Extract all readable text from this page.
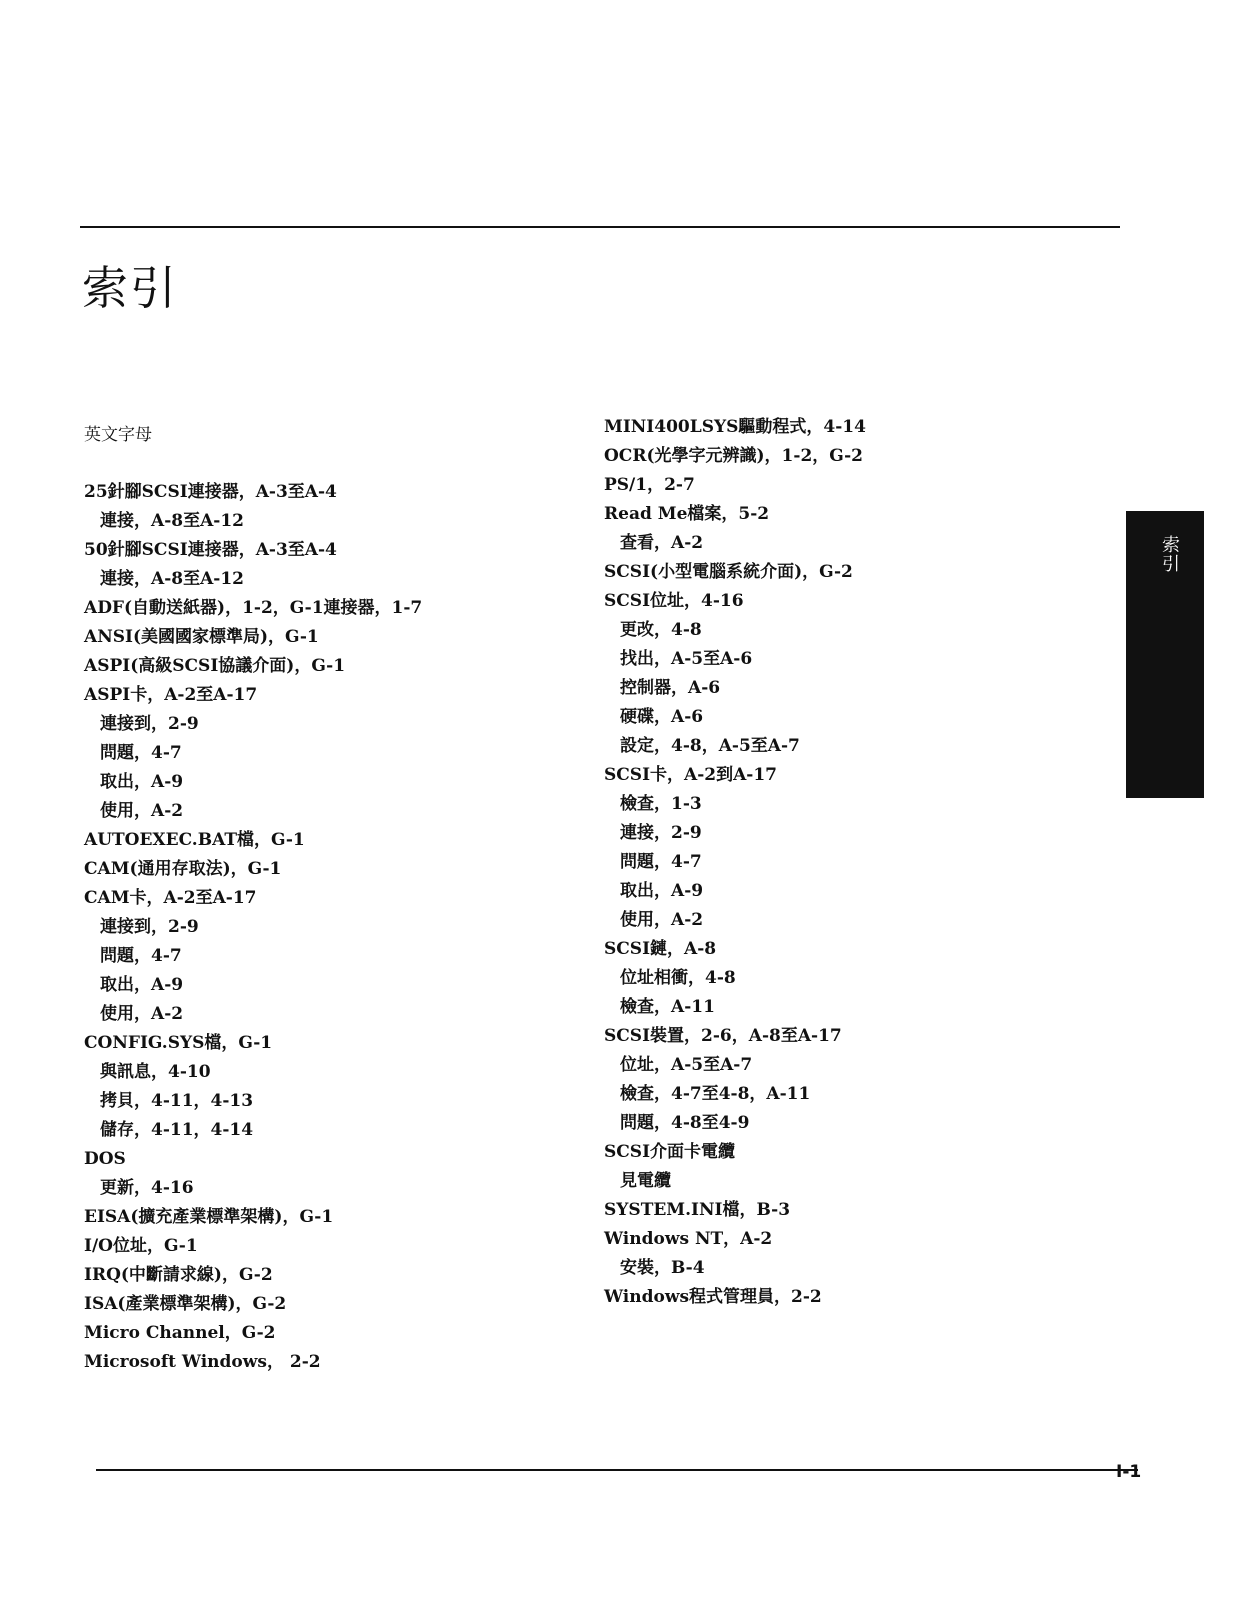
索引
英文字母
25針腳SCSI連接器，A-3至A-4
連接，A-8至A-12
50針腳SCSI連接器，A-3至A-4
連接，A-8至A-12
ADF(自動送紙器)，1-2，G-1連接器，1-7
ANSI(美國國家標準局)，G-1
ASPI(高級SCSI協議介面)，G-1
ASPI卡，A-2至A-17
連接到，2-9
問題，4-7
取出，A-9
使用，A-2
AUTOEXEC.BAT檔，G-1
CAM(通用存取法)，G-1
CAM卡，A-2至A-17
連接到，2-9
問題，4-7
取出，A-9
使用，A-2
CONFIG.SYS檔，G-1
與訊息，4-10
拷貝，4-11，4-13
儲存，4-11，4-14
DOS
更新，4-16
EISA(擴充產業標準架構)，G-1
I/O位址，G-1
IRQ(中斷請求線)，G-2
ISA(產業標準架構)，G-2
Micro Channel，G-2
Microsoft Windows， 2-2
MINI400LSYS驅動程式，4-14
OCR(光學字元辨識)，1-2，G-2
PS/1，2-7
Read Me檔案，5-2
查看，A-2
SCSI(小型電腦系統介面)，G-2
SCSI位址，4-16
更改，4-8
找出，A-5至A-6
控制器，A-6
硬碟，A-6
設定，4-8，A-5至A-7
SCSI卡，A-2到A-17
檢查，1-3
連接，2-9
問題，4-7
取出，A-9
使用，A-2
SCSI鏈，A-8
位址相衝，4-8
檢查，A-11
SCSI裝置，2-6，A-8至A-17
位址，A-5至A-7
檢查，4-7至4-8，A-11
問題，4-8至4-9
SCSI介面卡電纜
見電纜
SYSTEM.INI檔，B-3
Windows NT，A-2
安裝，B-4
Windows程式管理員，2-2
索引
I-1
